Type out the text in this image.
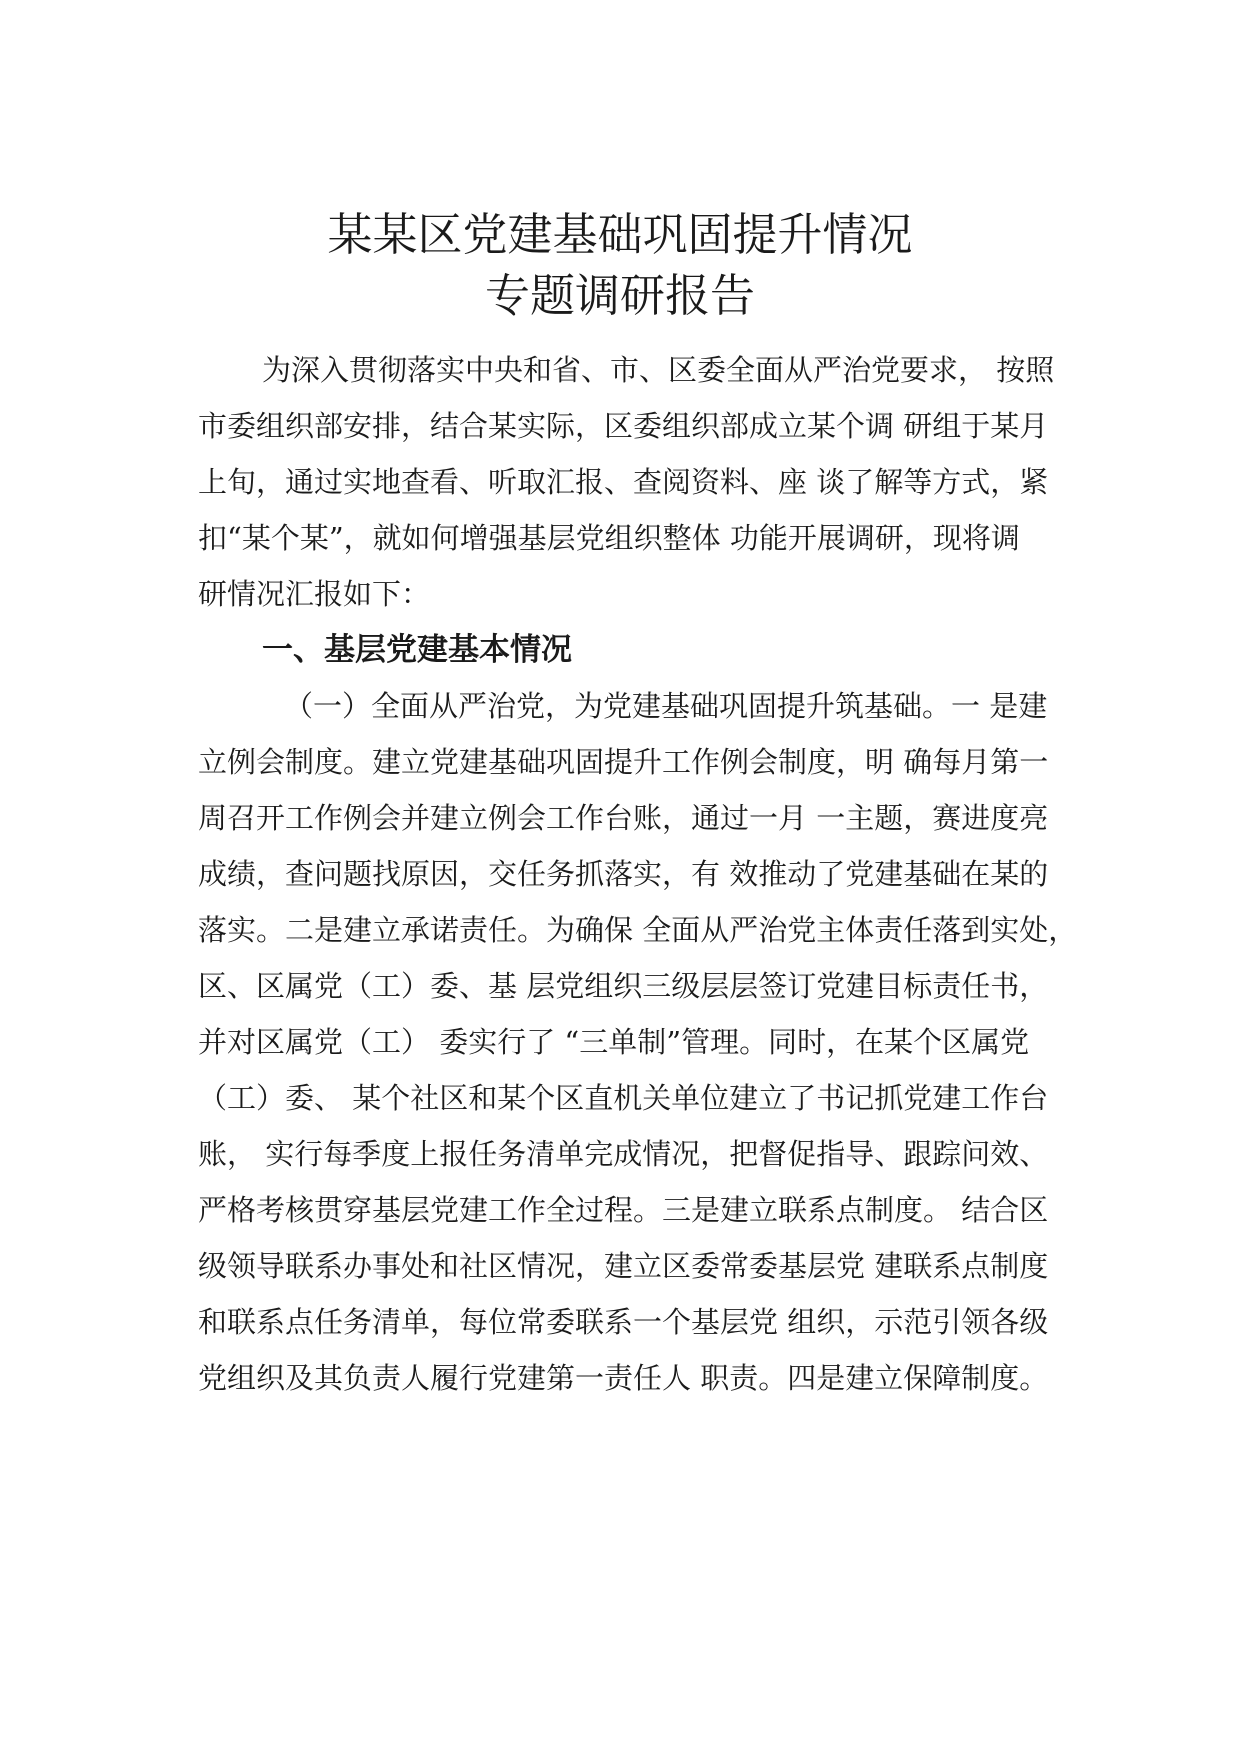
某某区党建基础巩固提升情况
专题调研报告

为深入贯彻落实中央和省、市、区委全面从严治党要求， 按照

市委组织部安排，结合某实际，区委组织部成立某个调 研组于某月

上旬，通过实地查看、听取汇报、查阅资料、座 谈了解等方式，紧

扣“某个某”，就如何增强基层党组织整体 功能开展调研，现将调

研情况汇报如下：

一、基层党建基本情况

（一）全面从严治党，为党建基础巩固提升筑基础。一 是建

立例会制度。建立党建基础巩固提升工作例会制度，明 确每月第一

周召开工作例会并建立例会工作台账，通过一月 一主题，赛进度亮

成绩，查问题找原因，交任务抓落实，有 效推动了党建基础在某的

落实。二是建立承诺责任。为确保 全面从严治党主体责任落到实处，

区、区属党（工）委、基 层党组织三级层层签订党建目标责任书，

并对区属党（工） 委实行了 “三单制”管理。同时，在某个区属党

（工）委、 某个社区和某个区直机关单位建立了书记抓党建工作台

账， 实行每季度上报任务清单完成情况，把督促指导、跟踪问效、

严格考核贯穿基层党建工作全过程。三是建立联系点制度。 结合区

级领导联系办事处和社区情况，建立区委常委基层党 建联系点制度

和联系点任务清单，每位常委联系一个基层党 组织，示范引领各级

党组织及其负责人履行党建第一责任人 职责。四是建立保障制度。
